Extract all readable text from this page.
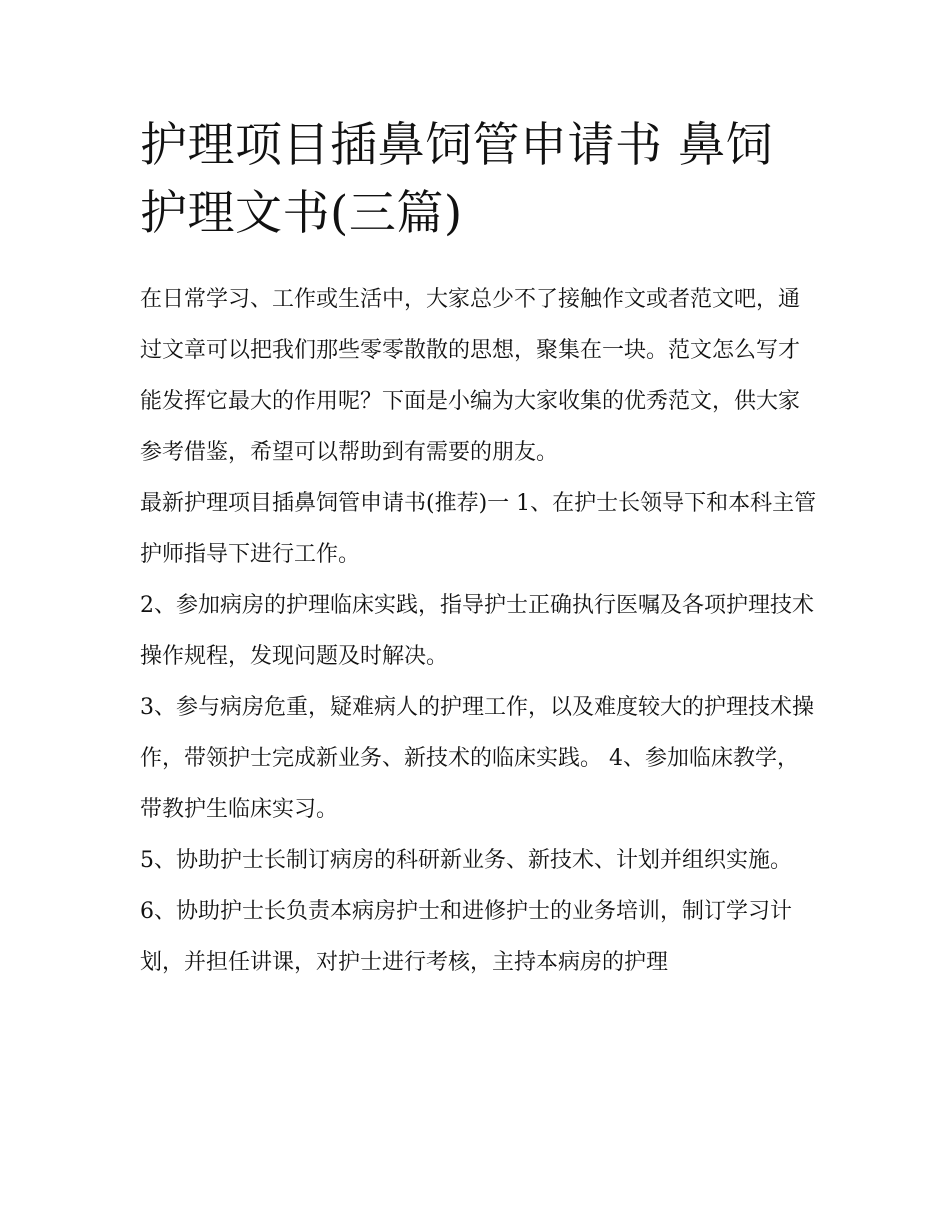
护理项目插鼻饲管申请书 鼻饲护理文书(三篇)

在日常学习、工作或生活中，大家总少不了接触作文或者范文吧，通过文章可以把我们那些零零散散的思想，聚集在一块。范文怎么写才能发挥它最大的作用呢？下面是小编为大家收集的优秀范文，供大家参考借鉴，希望可以帮助到有需要的朋友。

最新护理项目插鼻饲管申请书(推荐)一 1、在护士长领导下和本科主管护师指导下进行工作。

2、参加病房的护理临床实践，指导护士正确执行医嘱及各项护理技术操作规程，发现问题及时解决。

3、参与病房危重，疑难病人的护理工作，以及难度较大的护理技术操作，带领护士完成新业务、新技术的临床实践。 4、参加临床教学，带教护生临床实习。

5、协助护士长制订病房的科研新业务、新技术、计划并组织实施。

6、协助护士长负责本病房护士和进修护士的业务培训，制订学习计划，并担任讲课，对护士进行考核，主持本病房的护理
